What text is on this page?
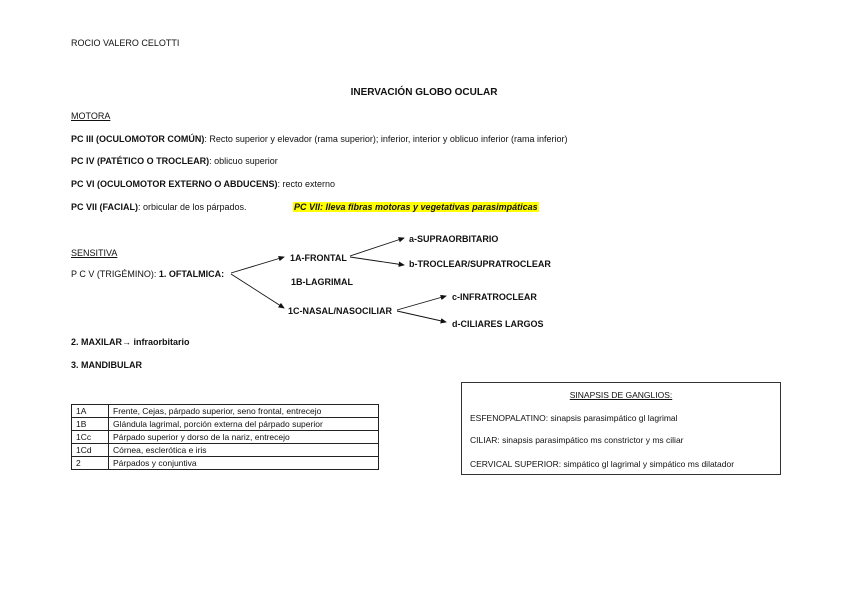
ROCIO VALERO CELOTTI
INERVACIÓN GLOBO OCULAR
MOTORA
PC III (OCULOMOTOR COMÚN): Recto superior y elevador (rama superior); inferior, interior y oblicuo inferior (rama inferior)
PC IV (PATÉTICO O TROCLEAR): oblicuo superior
PC VI (OCULOMOTOR EXTERNO O ABDUCENS): recto externo
PC VII (FACIAL): orbicular de los párpados.	PC VII: lleva fibras motoras y vegetativas parasimpáticas
SENSITIVA
P C V (TRIGÉMINO): 1. OFTALMICA:
1A-FRONTAL
1B-LAGRIMAL
1C-NASAL/NASOCILIAR
a-SUPRAORBITARIO
b-TROCLEAR/SUPRATROCLEAR
c-INFRATROCLEAR
d-CILIARES LARGOS
2. MAXILAR→ infraorbitario
3. MANDIBULAR
1A	Frente, Cejas, párpado superior, seno frontal, entrecejo
1B	Glándula lagrimal, porción externa del párpado superior
1Cc	Párpado superior y dorso de la nariz, entrecejo
1Cd	Córnea, esclerótica e iris
2	Párpados y conjuntiva
SINAPSIS DE GANGLIOS:
ESFENOPALATINO: sinapsis parasimpático gl lagrimal
CILIAR: sinapsis parasimpático ms constrictor y ms ciliar
CERVICAL SUPERIOR: simpático gl lagrimal y simpático ms dilatador
